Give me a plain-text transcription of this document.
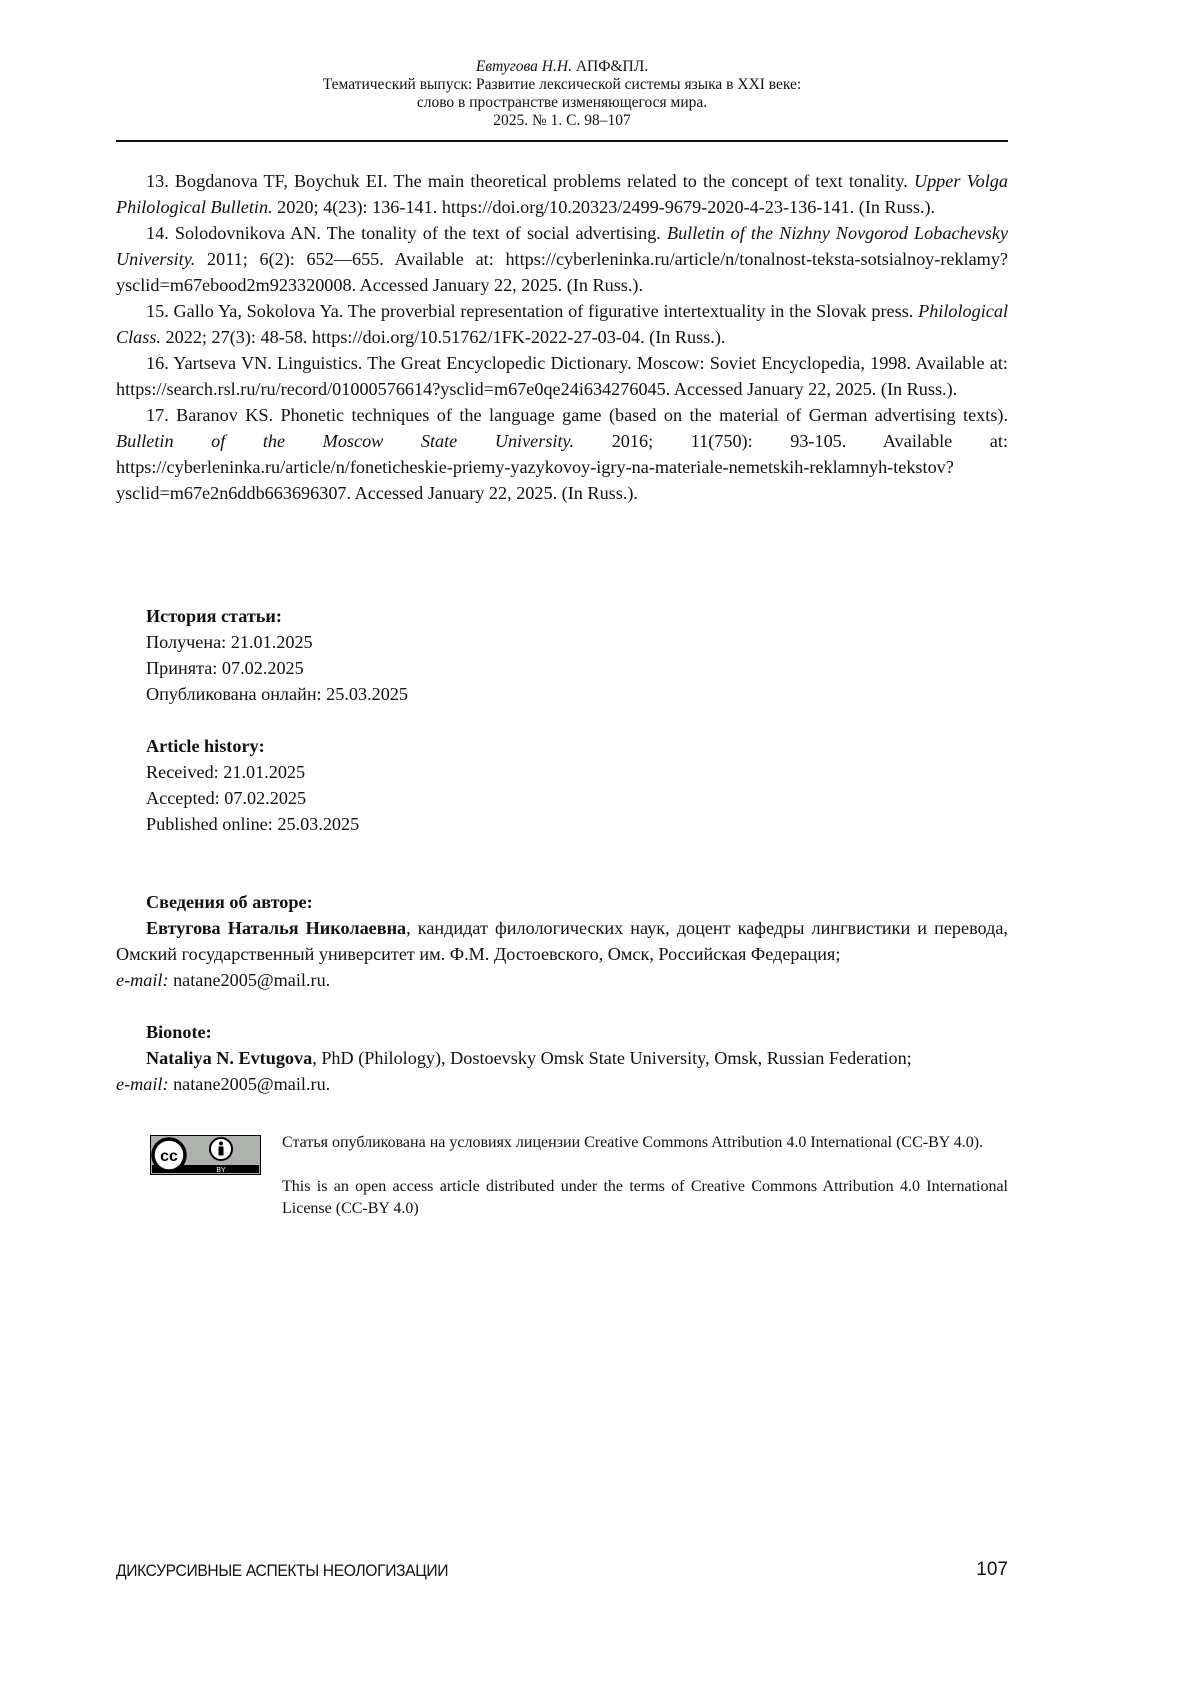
Евтугова Н.Н. АПФ&ПЛ.
Тематический выпуск: Развитие лексической системы языка в XXI веке:
слово в пространстве изменяющегося мира.
2025. № 1. С. 98–107

13. Bogdanova TF, Boychuk EI. The main theoretical problems related to the concept of text tonality. Upper Volga Philological Bulletin. 2020; 4(23): 136-141. https://doi.org/10.20323/2499-9679-2020-4-23-136-141. (In Russ.).

14. Solodovnikova AN. The tonality of the text of social advertising. Bulletin of the Nizhny Novgorod Lobachevsky University. 2011; 6(2): 652—655. Available at: https://cyberleninka.ru/article/n/tonalnost-teksta-sotsialnoy-reklamy?ysclid=m67ebood2m923320008. Accessed January 22, 2025. (In Russ.).

15. Gallo Ya, Sokolova Ya. The proverbial representation of figurative intertextuality in the Slovak press. Philological Class. 2022; 27(3): 48-58. https://doi.org/10.51762/1FK-2022-27-03-04. (In Russ.).

16. Yartseva VN. Linguistics. The Great Encyclopedic Dictionary. Moscow: Soviet Encyclopedia, 1998. Available at: https://search.rsl.ru/ru/record/01000576614?ysclid=m67e0qe24i634276045. Accessed January 22, 2025. (In Russ.).

17. Baranov KS. Phonetic techniques of the language game (based on the material of German advertising texts). Bulletin of the Moscow State University. 2016; 11(750): 93-105. Available at: https://cyberleninka.ru/article/n/foneticheskie-priemy-yazykovoy-igry-na-materiale-nemetskih-reklamnyh-tekstov?ysclid=m67e2n6ddb663696307. Accessed January 22, 2025. (In Russ.).

История статьи:
Получена: 21.01.2025
Принята: 07.02.2025
Опубликована онлайн: 25.03.2025
Article history:
Received: 21.01.2025
Accepted: 07.02.2025
Published online: 25.03.2025
Сведения об авторе:

Евтугова Наталья Николаевна, кандидат филологических наук, доцент кафедры лингвистики и перевода, Омский государственный университет им. Ф.М. Достоевского, Омск, Российская Федерация;

e-mail: natane2005@mail.ru.
Bionote:

Nataliya N. Evtugova, PhD (Philology), Dostoevsky Omsk State University, Omsk, Russian Federation;

e-mail: natane2005@mail.ru.
cc
BY

Статья опубликована на условиях лицензии Creative Commons Attribution 4.0 International (CC-BY 4.0).

This is an open access article distributed under the terms of Creative Commons Attribution 4.0 International License (CC-BY 4.0)

ДИКСУРСИВНЫЕ АСПЕКТЫ НЕОЛОГИЗАЦИИ	107
